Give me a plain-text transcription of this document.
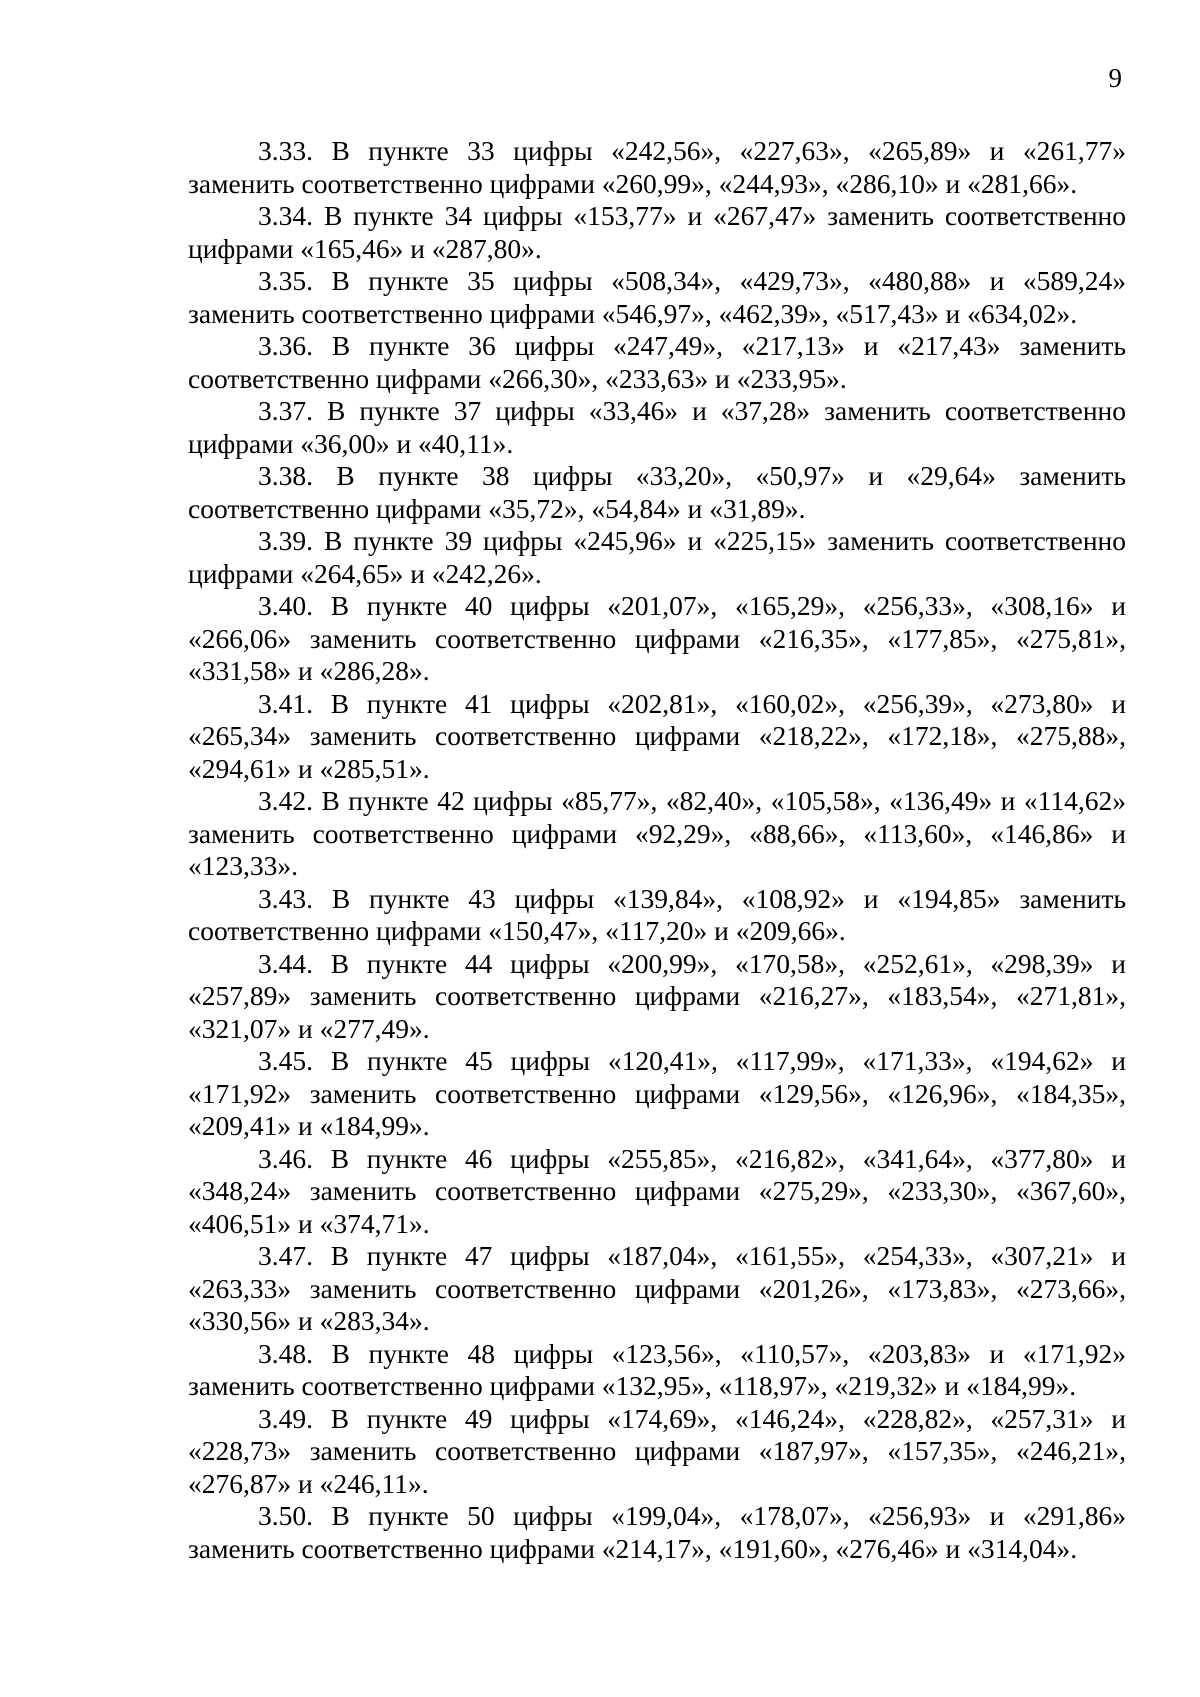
9

3.33. В пункте 33 цифры «242,56», «227,63», «265,89» и «261,77» заменить соответственно цифрами «260,99», «244,93», «286,10» и «281,66».

3.34. В пункте 34 цифры «153,77» и «267,47» заменить соответственно цифрами «165,46» и «287,80».

3.35. В пункте 35 цифры «508,34», «429,73», «480,88» и «589,24» заменить соответственно цифрами «546,97», «462,39», «517,43» и «634,02».

3.36. В пункте 36 цифры «247,49», «217,13» и «217,43» заменить соответственно цифрами «266,30», «233,63» и «233,95».

3.37. В пункте 37 цифры «33,46» и «37,28» заменить соответственно цифрами «36,00» и «40,11».

3.38. В пункте 38 цифры «33,20», «50,97» и «29,64» заменить соответственно цифрами «35,72», «54,84» и «31,89».

3.39. В пункте 39 цифры «245,96» и «225,15» заменить соответственно цифрами «264,65» и «242,26».

3.40. В пункте 40 цифры «201,07», «165,29», «256,33», «308,16» и «266,06» заменить соответственно цифрами «216,35», «177,85», «275,81», «331,58» и «286,28».

3.41. В пункте 41 цифры «202,81», «160,02», «256,39», «273,80» и «265,34» заменить соответственно цифрами «218,22», «172,18», «275,88», «294,61» и «285,51».

3.42. В пункте 42 цифры «85,77», «82,40», «105,58», «136,49» и «114,62» заменить соответственно цифрами «92,29», «88,66», «113,60», «146,86» и «123,33».

3.43. В пункте 43 цифры «139,84», «108,92» и «194,85» заменить соответственно цифрами «150,47», «117,20» и «209,66».

3.44. В пункте 44 цифры «200,99», «170,58», «252,61», «298,39» и «257,89» заменить соответственно цифрами «216,27», «183,54», «271,81», «321,07» и «277,49».

3.45. В пункте 45 цифры «120,41», «117,99», «171,33», «194,62» и «171,92» заменить соответственно цифрами «129,56», «126,96», «184,35», «209,41» и «184,99».

3.46. В пункте 46 цифры «255,85», «216,82», «341,64», «377,80» и «348,24» заменить соответственно цифрами «275,29», «233,30», «367,60», «406,51» и «374,71».

3.47. В пункте 47 цифры «187,04», «161,55», «254,33», «307,21» и «263,33» заменить соответственно цифрами «201,26», «173,83», «273,66», «330,56» и «283,34».

3.48. В пункте 48 цифры «123,56», «110,57», «203,83» и «171,92» заменить соответственно цифрами «132,95», «118,97», «219,32» и «184,99».

3.49. В пункте 49 цифры «174,69», «146,24», «228,82», «257,31» и «228,73» заменить соответственно цифрами «187,97», «157,35», «246,21», «276,87» и «246,11».

3.50. В пункте 50 цифры «199,04», «178,07», «256,93» и «291,86» заменить соответственно цифрами «214,17», «191,60», «276,46» и «314,04».
